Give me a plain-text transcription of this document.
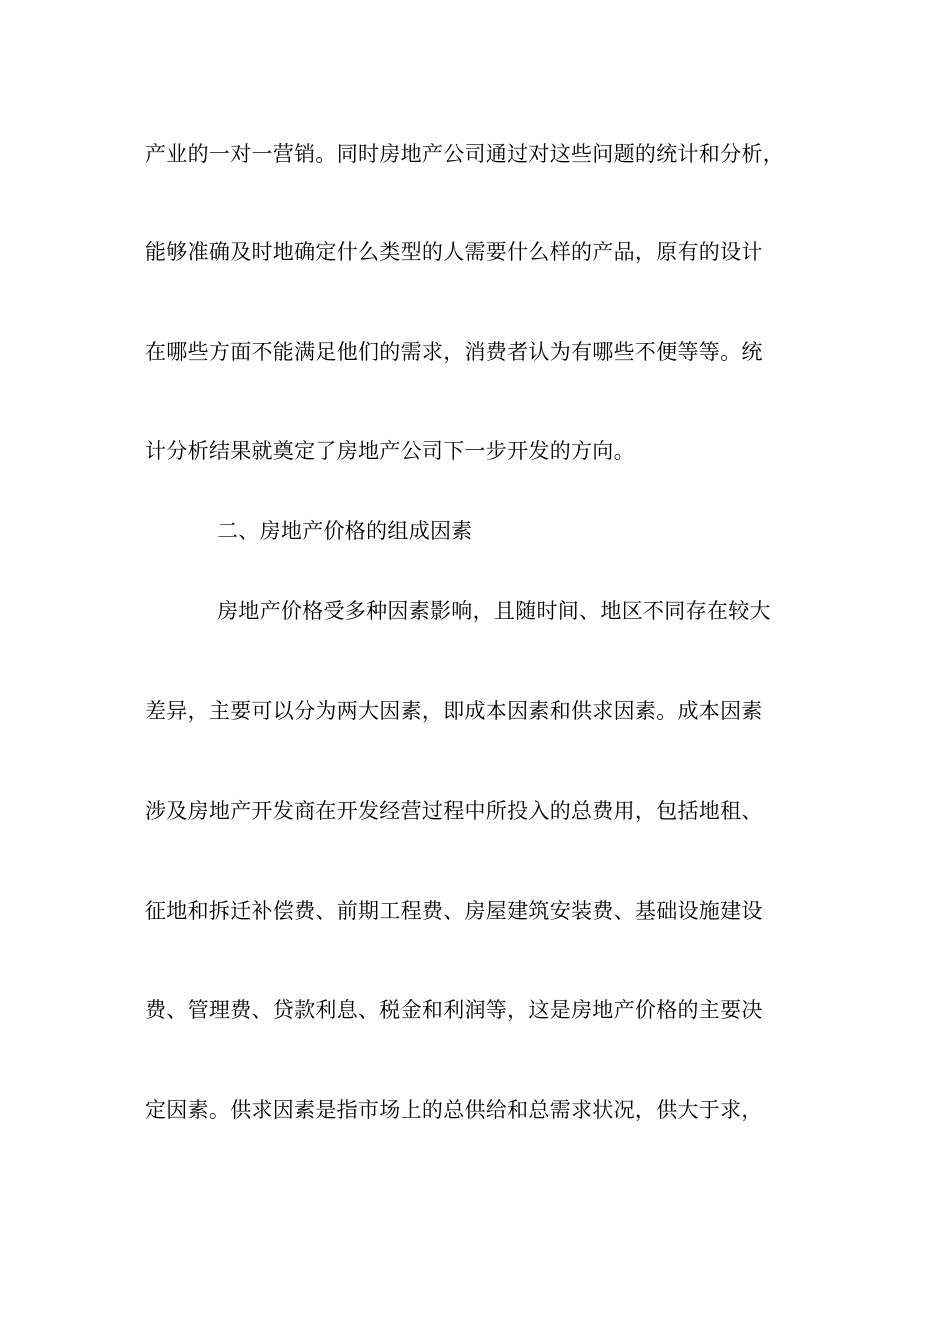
产业的一对一营销。同时房地产公司通过对这些问题的统计和分析，
能够准确及时地确定什么类型的人需要什么样的产品，原有的设计
在哪些方面不能满足他们的需求，消费者认为有哪些不便等等。统
计分析结果就奠定了房地产公司下一步开发的方向。
二、房地产价格的组成因素
房地产价格受多种因素影响，且随时间、地区不同存在较大
差异，主要可以分为两大因素，即成本因素和供求因素。成本因素
涉及房地产开发商在开发经营过程中所投入的总费用，包括地租、
征地和拆迁补偿费、前期工程费、房屋建筑安装费、基础设施建设
费、管理费、贷款利息、税金和利润等，这是房地产价格的主要决
定因素。供求因素是指市场上的总供给和总需求状况，供大于求，
